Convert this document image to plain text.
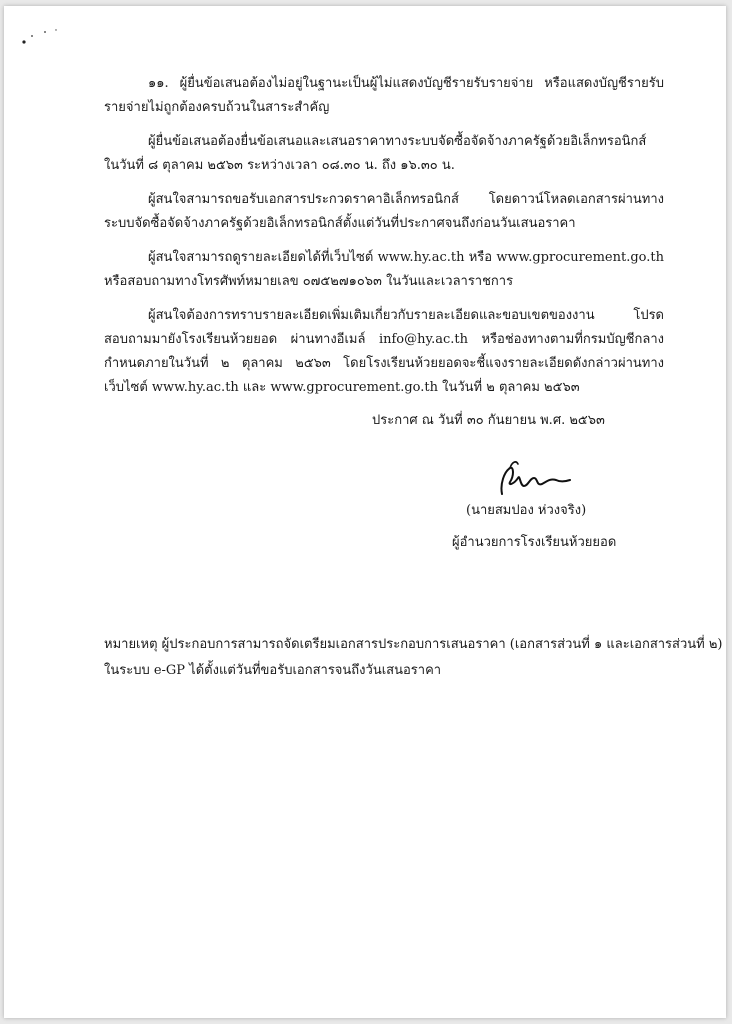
๑๑. ผู้ยื่นข้อเสนอต้องไม่อยู่ในฐานะเป็นผู้ไม่แสดงบัญชีรายรับรายจ่าย หรือแสดงบัญชีรายรับรายจ่ายไม่ถูกต้องครบถ้วนในสาระสำคัญ

ผู้ยื่นข้อเสนอต้องยื่นข้อเสนอและเสนอราคาทางระบบจัดซื้อจัดจ้างภาครัฐด้วยอิเล็กทรอนิกส์ ในวันที่ ๘ ตุลาคม ๒๕๖๓ ระหว่างเวลา ๐๘.๓๐ น. ถึง ๑๖.๓๐ น.

ผู้สนใจสามารถขอรับเอกสารประกวดราคาอิเล็กทรอนิกส์ โดยดาวน์โหลดเอกสารผ่านทางระบบจัดซื้อจัดจ้างภาครัฐด้วยอิเล็กทรอนิกส์ตั้งแต่วันที่ประกาศจนถึงก่อนวันเสนอราคา

ผู้สนใจสามารถดูรายละเอียดได้ที่เว็บไซต์ www.hy.ac.th หรือ www.gprocurement.go.th หรือสอบถามทางโทรศัพท์หมายเลข ๐๗๕๒๗๑๐๖๓ ในวันและเวลาราชการ

ผู้สนใจต้องการทราบรายละเอียดเพิ่มเติมเกี่ยวกับรายละเอียดและขอบเขตของงาน โปรดสอบถามมายังโรงเรียนห้วยยอด ผ่านทางอีเมล์ info@hy.ac.th หรือช่องทางตามที่กรมบัญชีกลางกำหนดภายในวันที่ ๒ ตุลาคม ๒๕๖๓ โดยโรงเรียนห้วยยอดจะชี้แจงรายละเอียดดังกล่าวผ่านทางเว็บไซต์ www.hy.ac.th และ www.gprocurement.go.th ในวันที่ ๒ ตุลาคม ๒๕๖๓

ประกาศ ณ วันที่ ๓๐ กันยายน พ.ศ. ๒๕๖๓
(นายสมปอง ห่วงจริง)
ผู้อำนวยการโรงเรียนห้วยยอด
หมายเหตุ ผู้ประกอบการสามารถจัดเตรียมเอกสารประกอบการเสนอราคา (เอกสารส่วนที่ ๑ และเอกสารส่วนที่ ๒)
ในระบบ e-GP ได้ตั้งแต่วันที่ขอรับเอกสารจนถึงวันเสนอราคา
